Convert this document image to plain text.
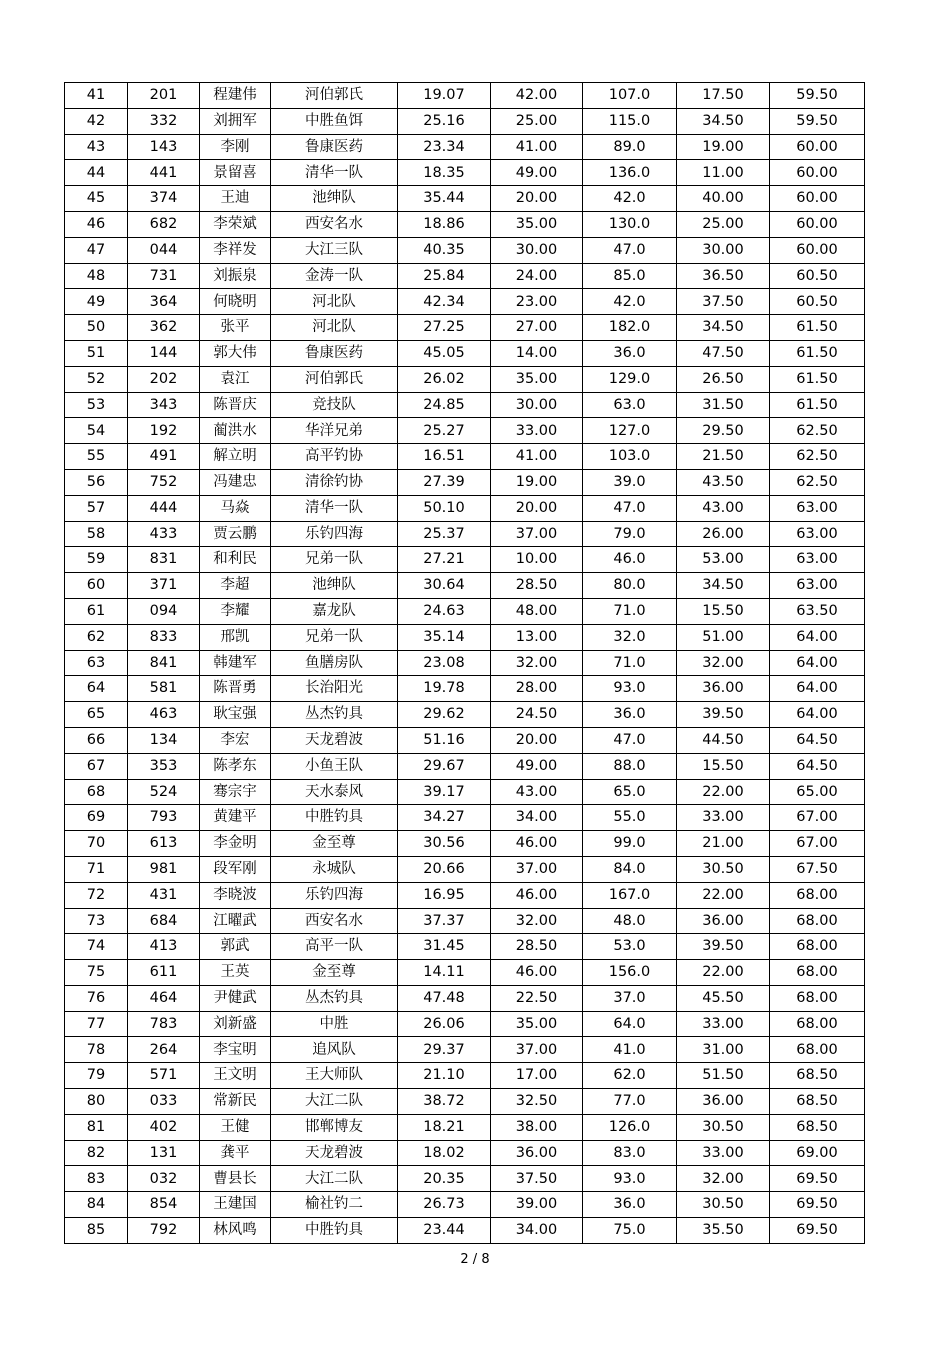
41	201	程建伟	河伯郭氏	19.07	42.00	107.0	17.50	59.50
42	332	刘拥军	中胜鱼饵	25.16	25.00	115.0	34.50	59.50
43	143	李刚	鲁康医药	23.34	41.00	89.0	19.00	60.00
44	441	景留喜	清华一队	18.35	49.00	136.0	11.00	60.00
45	374	王迪	池绅队	35.44	20.00	42.0	40.00	60.00
46	682	李荣斌	西安名水	18.86	35.00	130.0	25.00	60.00
47	044	李祥发	大江三队	40.35	30.00	47.0	30.00	60.00
48	731	刘振泉	金涛一队	25.84	24.00	85.0	36.50	60.50
49	364	何晓明	河北队	42.34	23.00	42.0	37.50	60.50
50	362	张平	河北队	27.25	27.00	182.0	34.50	61.50
51	144	郭大伟	鲁康医药	45.05	14.00	36.0	47.50	61.50
52	202	袁江	河伯郭氏	26.02	35.00	129.0	26.50	61.50
53	343	陈晋庆	竞技队	24.85	30.00	63.0	31.50	61.50
54	192	蔺洪水	华洋兄弟	25.27	33.00	127.0	29.50	62.50
55	491	解立明	高平钓协	16.51	41.00	103.0	21.50	62.50
56	752	冯建忠	清徐钓协	27.39	19.00	39.0	43.50	62.50
57	444	马焱	清华一队	50.10	20.00	47.0	43.00	63.00
58	433	贾云鹏	乐钓四海	25.37	37.00	79.0	26.00	63.00
59	831	和利民	兄弟一队	27.21	10.00	46.0	53.00	63.00
60	371	李超	池绅队	30.64	28.50	80.0	34.50	63.00
61	094	李耀	嘉龙队	24.63	48.00	71.0	15.50	63.50
62	833	邢凯	兄弟一队	35.14	13.00	32.0	51.00	64.00
63	841	韩建军	鱼膳房队	23.08	32.00	71.0	32.00	64.00
64	581	陈晋勇	长治阳光	19.78	28.00	93.0	36.00	64.00
65	463	耿宝强	丛杰钓具	29.62	24.50	36.0	39.50	64.00
66	134	李宏	天龙碧波	51.16	20.00	47.0	44.50	64.50
67	353	陈孝东	小鱼王队	29.67	49.00	88.0	15.50	64.50
68	524	骞宗宇	天水泰风	39.17	43.00	65.0	22.00	65.00
69	793	黄建平	中胜钓具	34.27	34.00	55.0	33.00	67.00
70	613	李金明	金至尊	30.56	46.00	99.0	21.00	67.00
71	981	段军刚	永城队	20.66	37.00	84.0	30.50	67.50
72	431	李晓波	乐钓四海	16.95	46.00	167.0	22.00	68.00
73	684	江曜武	西安名水	37.37	32.00	48.0	36.00	68.00
74	413	郭武	高平一队	31.45	28.50	53.0	39.50	68.00
75	611	王英	金至尊	14.11	46.00	156.0	22.00	68.00
76	464	尹健武	丛杰钓具	47.48	22.50	37.0	45.50	68.00
77	783	刘新盛	中胜	26.06	35.00	64.0	33.00	68.00
78	264	李宝明	追风队	29.37	37.00	41.0	31.00	68.00
79	571	王文明	王大师队	21.10	17.00	62.0	51.50	68.50
80	033	常新民	大江二队	38.72	32.50	77.0	36.00	68.50
81	402	王健	邯郸博友	18.21	38.00	126.0	30.50	68.50
82	131	龚平	天龙碧波	18.02	36.00	83.0	33.00	69.00
83	032	曹县长	大江二队	20.35	37.50	93.0	32.00	69.50
84	854	王建国	榆社钓二	26.73	39.00	36.0	30.50	69.50
85	792	林风鸣	中胜钓具	23.44	34.00	75.0	35.50	69.50
2 / 8
